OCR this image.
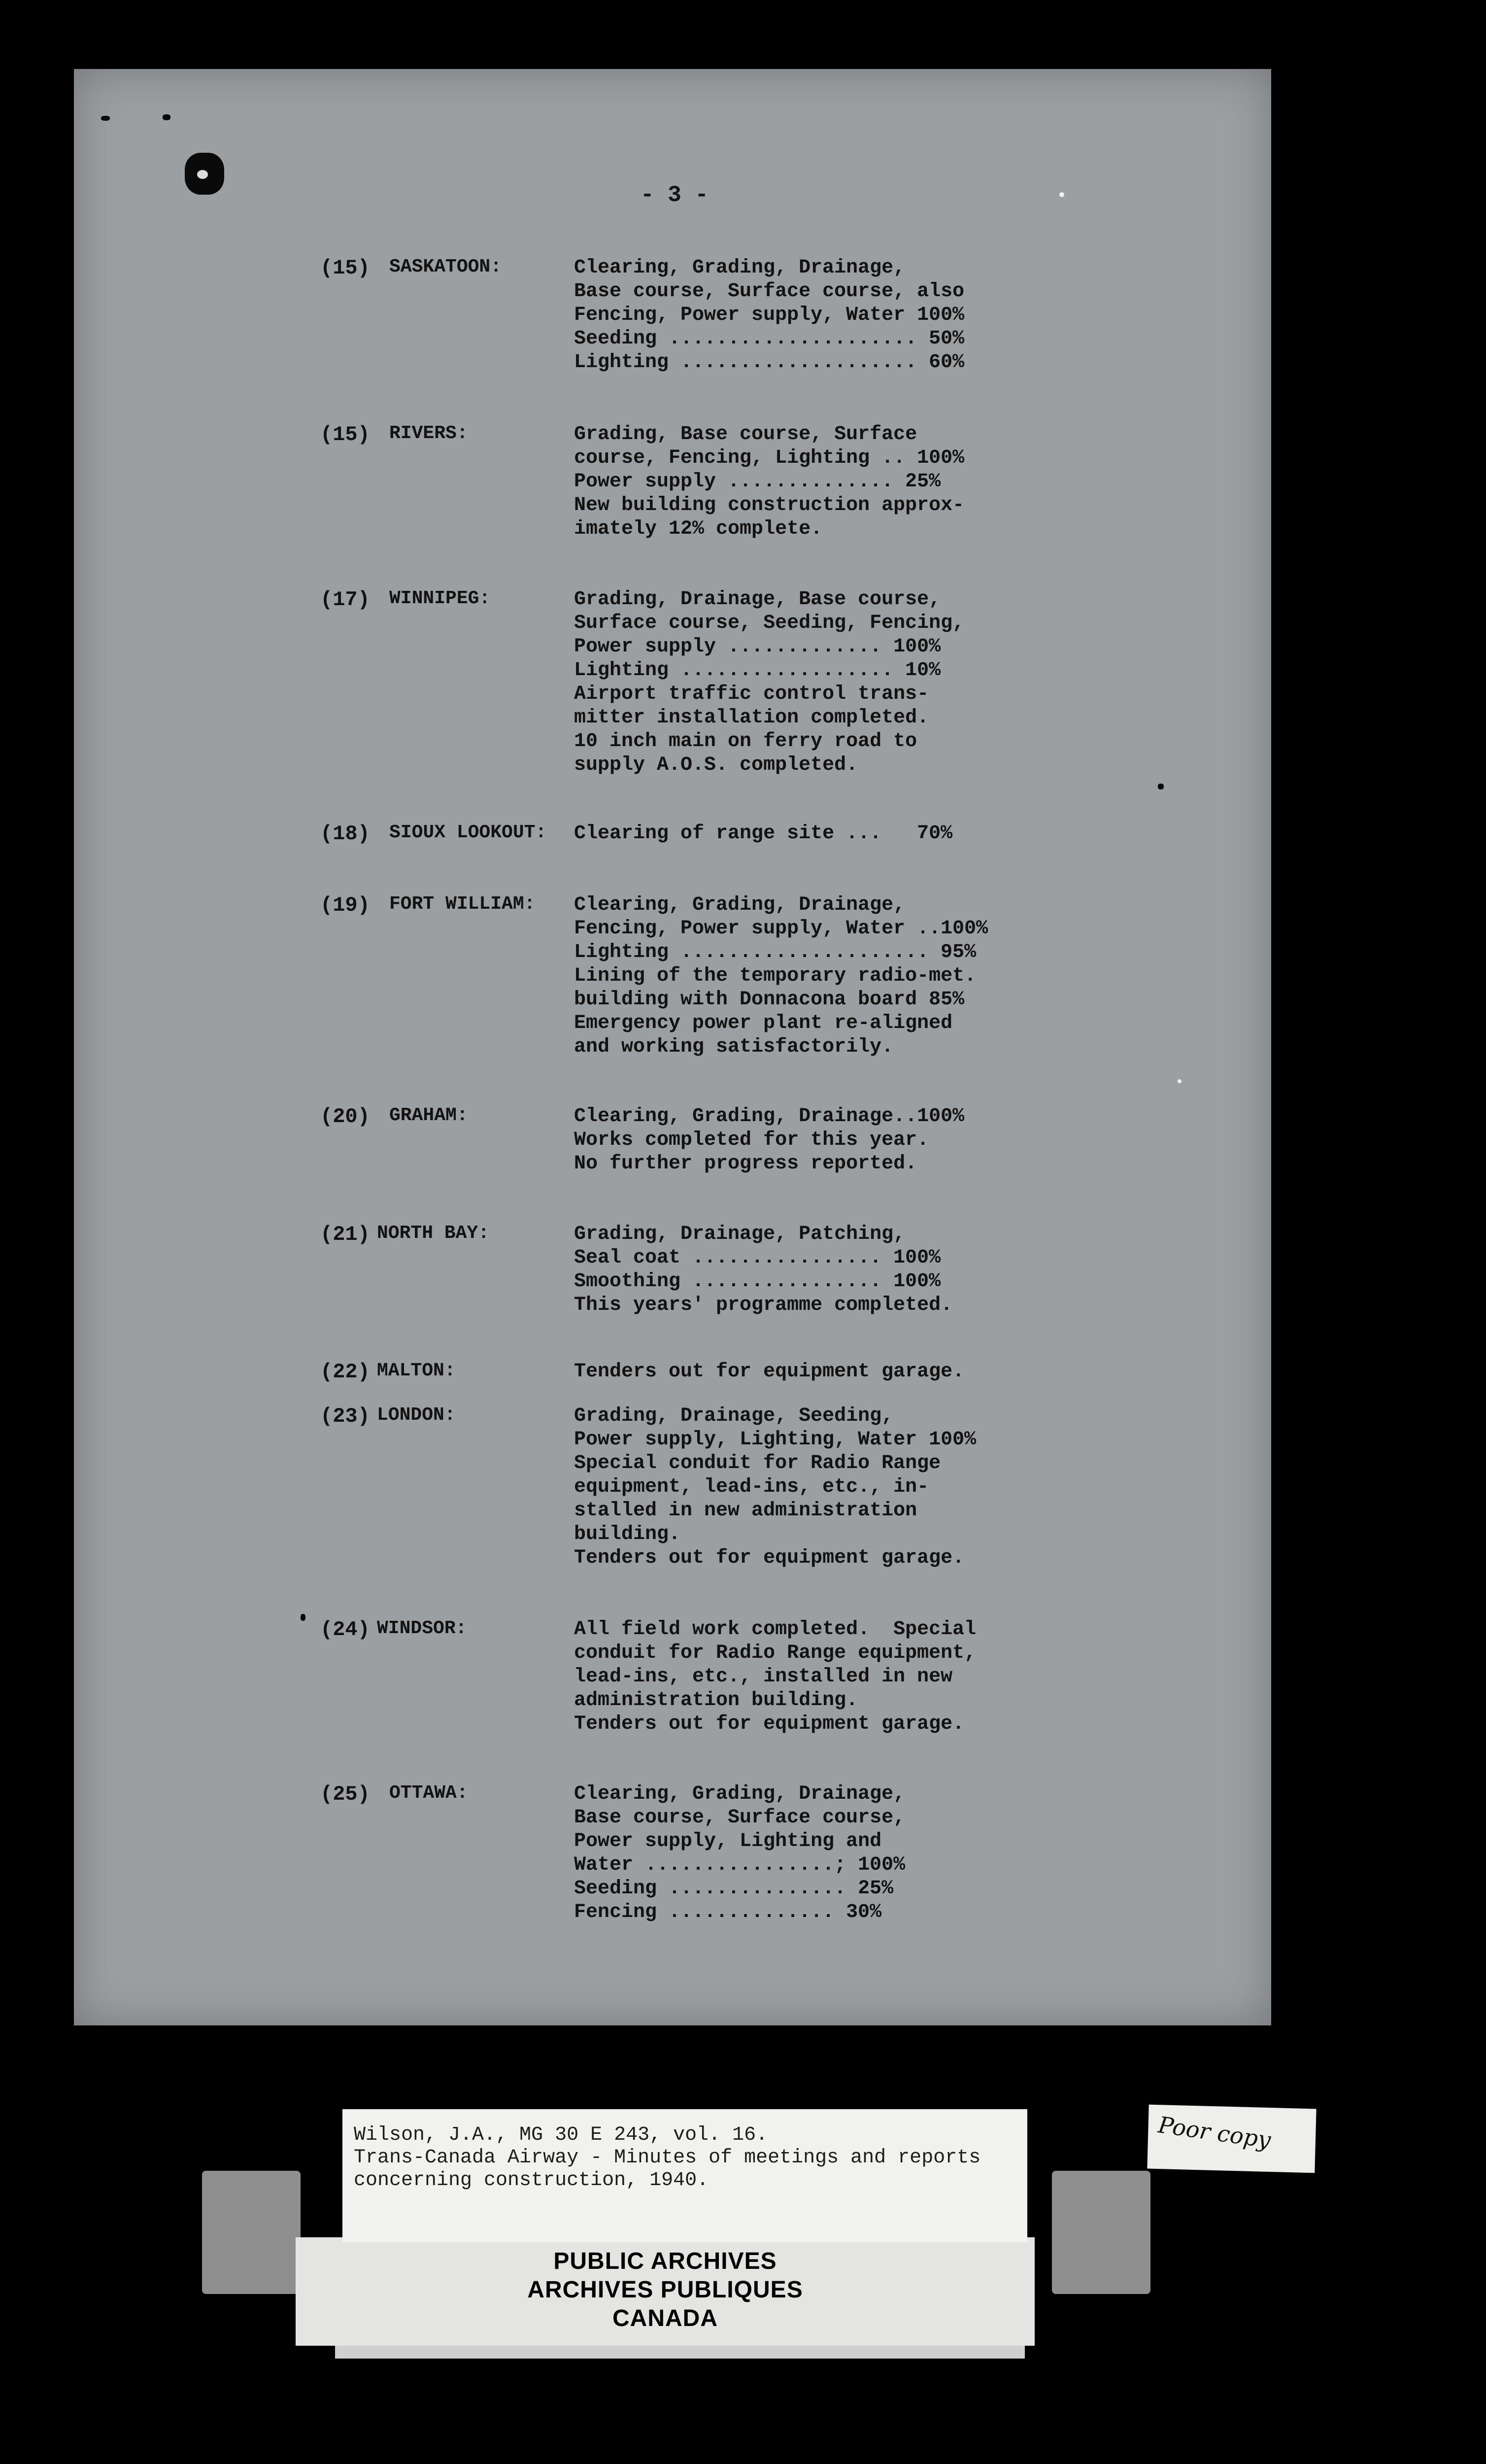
- 3 -
(15) SASKATOON:	Clearing, Grading, Drainage,
Base course, Surface course, also
Fencing, Power supply, Water 100%
Seeding ..................... 50%
Lighting .................... 60%
(15) RIVERS:	Grading, Base course, Surface
course, Fencing, Lighting .. 100%
Power supply .............. 25%
New building construction approx-
imately 12% complete.
(17) WINNIPEG:	Grading, Drainage, Base course,
Surface course, Seeding, Fencing,
Power supply ............. 100%
Lighting .................. 10%
Airport traffic control trans-
mitter installation completed.
10 inch main on ferry road to
supply A.O.S. completed.
(18) SIOUX LOOKOUT: Clearing of range site ...   70%
(19) FORT WILLIAM: Clearing, Grading, Drainage,
Fencing, Power supply, Water ..100%
Lighting ..................... 95%
Lining of the temporary radio-met.
building with Donnacona board 85%
Emergency power plant re-aligned
and working satisfactorily.
(20) GRAHAM:	Clearing, Grading, Drainage..100%
Works completed for this year.
No further progress reported.
(21) NORTH BAY:	Grading, Drainage, Patching,
Seal coat ................ 100%
Smoothing ................ 100%
This years' programme completed.
(22) MALTON:	Tenders out for equipment garage.
(23) LONDON:	Grading, Drainage, Seeding,
Power supply, Lighting, Water 100%
Special conduit for Radio Range
equipment, lead-ins, etc., in-
stalled in new administration
building.
Tenders out for equipment garage.
(24) WINDSOR:	All field work completed.  Special
conduit for Radio Range equipment,
lead-ins, etc., installed in new
administration building.
Tenders out for equipment garage.
(25) OTTAWA:	Clearing, Grading, Drainage,
Base course, Surface course,
Power supply, Lighting and
Water ................; 100%
Seeding ............... 25%
Fencing .............. 30%
Wilson, J.A., MG 30 E 243, vol. 16.
Trans-Canada Airway - Minutes of meetings and reports
concerning construction, 1940.
PUBLIC ARCHIVES
ARCHIVES PUBLIQUES
CANADA
Poor copy
